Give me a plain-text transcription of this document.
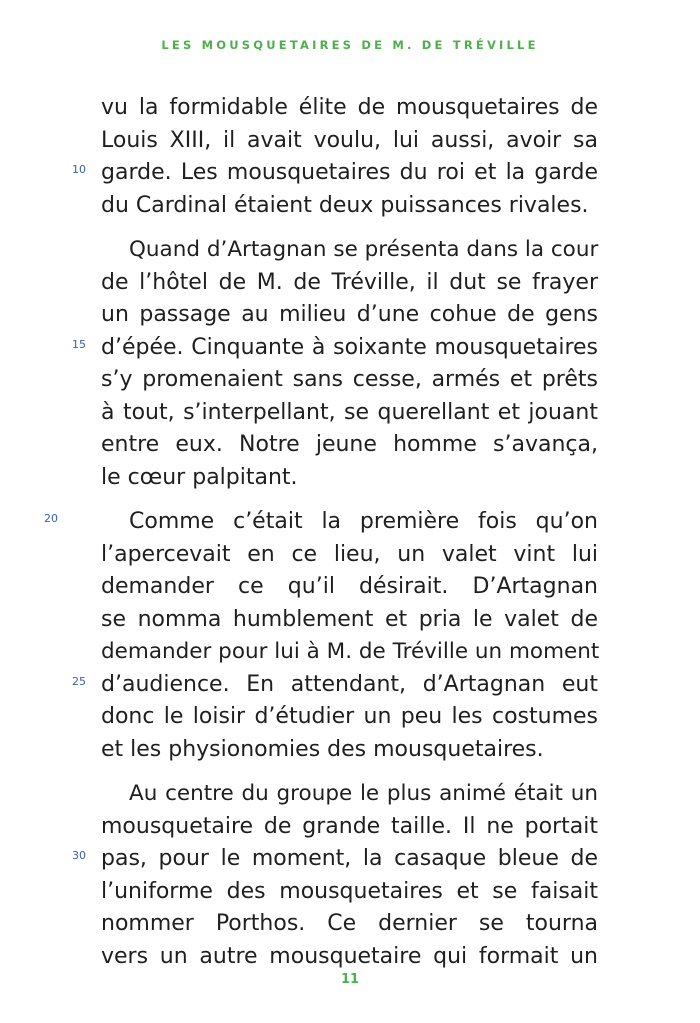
LES MOUSQUETAIRES DE M. DE TRÉVILLE
vu la formidable élite de mousquetaires de
Louis XIII, il avait voulu, lui aussi, avoir sa
10 garde. Les mousquetaires du roi et la garde
du Cardinal étaient deux puissances rivales.
Quand d’Artagnan se présenta dans la cour
de l’hôtel de M. de Tréville, il dut se frayer
un passage au milieu d’une cohue de gens
15 d’épée. Cinquante à soixante mousquetaires
s’y promenaient sans cesse, armés et prêts
à tout, s’interpellant, se querellant et jouant
entre eux. Notre jeune homme s’avança,
le cœur palpitant.
20	Comme c’était la première fois qu’on
l’apercevait en ce lieu, un valet vint lui
demander ce qu’il désirait. D’Artagnan
se nomma humblement et pria le valet de
demander pour lui à M. de Tréville un moment
25 d’audience. En attendant, d’Artagnan eut
donc le loisir d’étudier un peu les costumes
et les physionomies des mousquetaires.
Au centre du groupe le plus animé était un
mousquetaire de grande taille. Il ne portait
30 pas, pour le moment, la casaque bleue de
l’uniforme des mousquetaires et se faisait
nommer Porthos. Ce dernier se tourna
vers un autre mousquetaire qui formait un
11
